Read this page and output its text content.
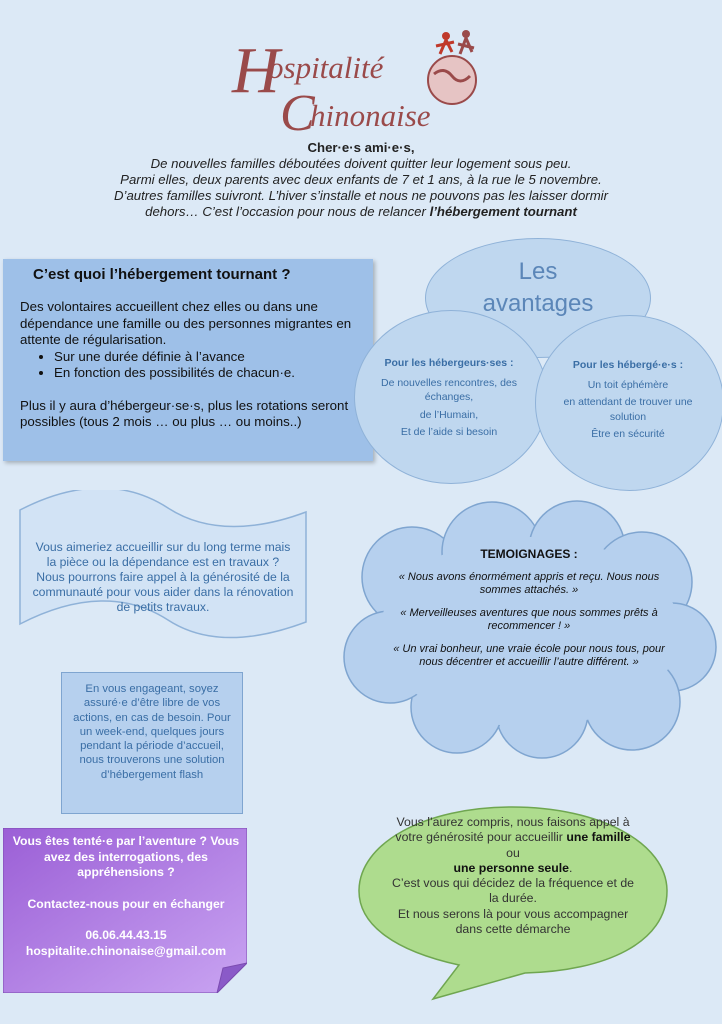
H
ospitalité
C
hinonaise
Cher·e·s ami·e·s,
De nouvelles familles déboutées doivent quitter leur logement sous peu.
Parmi elles, deux parents avec deux enfants de 7 et 1 ans, à la rue le 5 novembre.
D’autres familles suivront. L’hiver s’installe et nous ne pouvons pas les laisser dormir
dehors… C’est l’occasion pour nous de relancer l’hébergement tournant
C’est quoi l’hébergement tournant ?

Des volontaires accueillent chez elles ou dans une dépendance une famille ou des personnes migrantes en attente de régularisation.

• Sur une durée définie à l’avance
• En fonction des possibilités de chacun·e.

Plus il y aura d’hébergeur·se·s, plus les rotations seront possibles (tous 2 mois … ou plus … ou moins..)

Les
avantages
Pour les hébergeurs·ses :
De nouvelles rencontres, des échanges,
de l’Humain,
Et de l’aide si besoin
Pour les hébergé·e·s :
Un toit éphémère
en attendant de trouver une solution
Être en sécurité
Vous aimeriez accueillir sur du long terme mais la pièce ou la dépendance est en travaux ? Nous pourrons faire appel à la générosité de la communauté pour vous aider dans la rénovation de petits travaux.
TEMOIGNAGES :
« Nous avons énormément appris et reçu. Nous nous sommes attachés. »
« Merveilleuses aventures que nous sommes prêts à recommencer ! »
« Un vrai bonheur, une vraie école pour nous tous, pour nous décentrer et accueillir l’autre différent. »
En vous engageant, soyez assuré·e d’être libre de vos actions, en cas de besoin. Pour un week-end, quelques jours pendant la période d’accueil, nous trouverons une solution d’hébergement flash
Vous êtes tenté·e par l’aventure ? Vous avez des interrogations, des appréhensions ?
Contactez-nous pour en échanger
06.06.44.43.15
hospitalite.chinonaise@gmail.com
Vous l’aurez compris, nous faisons appel à votre générosité pour accueillir une famille ou
une personne seule.
C’est vous qui décidez de la fréquence et de la durée.
Et nous serons là pour vous accompagner dans cette démarche
